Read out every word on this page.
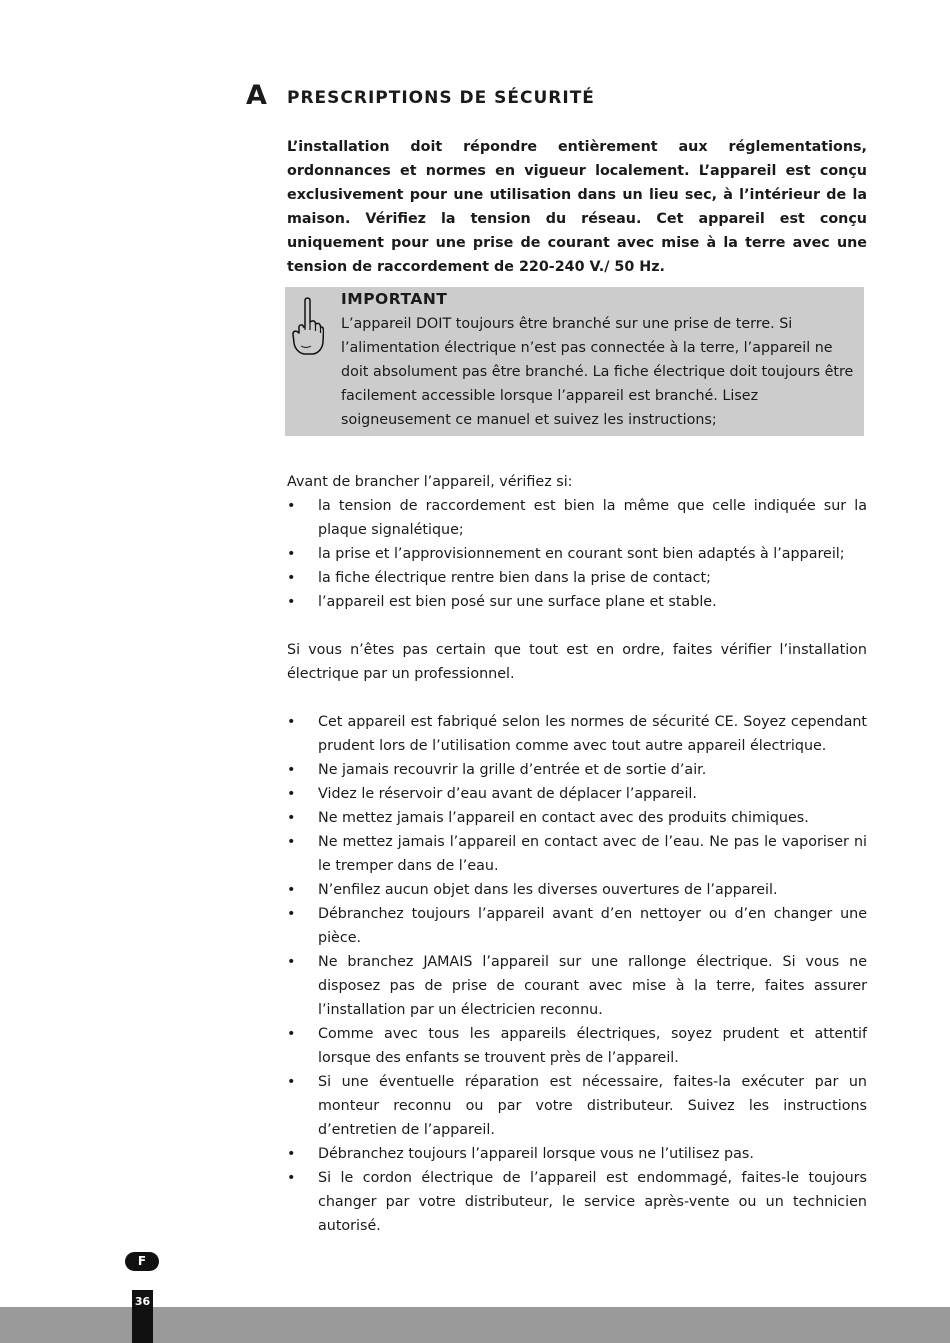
A PRESCRIPTIONS DE SÉCURITÉ

L’installation doit répondre entièrement aux réglementations, ordonnances et normes en vigueur localement. L’appareil est conçu exclusivement pour une utilisation dans un lieu sec, à l’intérieur de la maison. Vérifiez la tension du réseau. Cet appareil est conçu uniquement pour une prise de courant avec mise à la terre avec une tension de raccordement de 220-240 V./ 50 Hz.

IMPORTANT

L’appareil DOIT toujours être branché sur une prise de terre. Si l’alimentation électrique n’est pas connectée à la terre, l’appareil ne doit absolument pas être branché. La fiche électrique doit toujours être facilement accessible lorsque l’appareil est branché. Lisez soigneusement ce manuel et suivez les instructions;

Avant de brancher l’appareil, vérifiez si:

• la tension de raccordement est bien la même que celle indiquée sur la plaque signalétique;
• la prise et l’approvisionnement en courant sont bien adaptés à l’appareil;
• la fiche électrique rentre bien dans la prise de contact;
• l’appareil est bien posé sur une surface plane et stable.

Si vous n’êtes pas certain que tout est en ordre, faites vérifier l’installation électrique par un professionnel.

• Cet appareil est fabriqué selon les normes de sécurité CE. Soyez cependant prudent lors de l’utilisation comme avec tout autre appareil électrique.
• Ne jamais recouvrir la grille d’entrée et de sortie d’air.
• Videz le réservoir d’eau avant de déplacer l’appareil.
• Ne mettez jamais l’appareil en contact avec des produits chimiques.
• Ne mettez jamais l’appareil en contact avec de l’eau. Ne pas le vaporiser ni le tremper dans de l’eau.
• N’enfilez aucun objet dans les diverses ouvertures de l’appareil.
• Débranchez toujours l’appareil avant d’en nettoyer ou d’en changer une pièce.
• Ne branchez JAMAIS l’appareil sur une rallonge électrique. Si vous ne disposez pas de prise de courant avec mise à la terre, faites assurer l’installation par un électricien reconnu.
• Comme avec tous les appareils électriques, soyez prudent et attentif lorsque des enfants se trouvent près de l’appareil.
• Si une éventuelle réparation est nécessaire, faites-la exécuter par un monteur reconnu ou par votre distributeur. Suivez les instructions d’entretien de l’appareil.
• Débranchez toujours l’appareil lorsque vous ne l’utilisez pas.
• Si le cordon électrique de l’appareil est endommagé, faites-le toujours changer par votre distributeur, le service après-vente ou un technicien autorisé.
F
36
